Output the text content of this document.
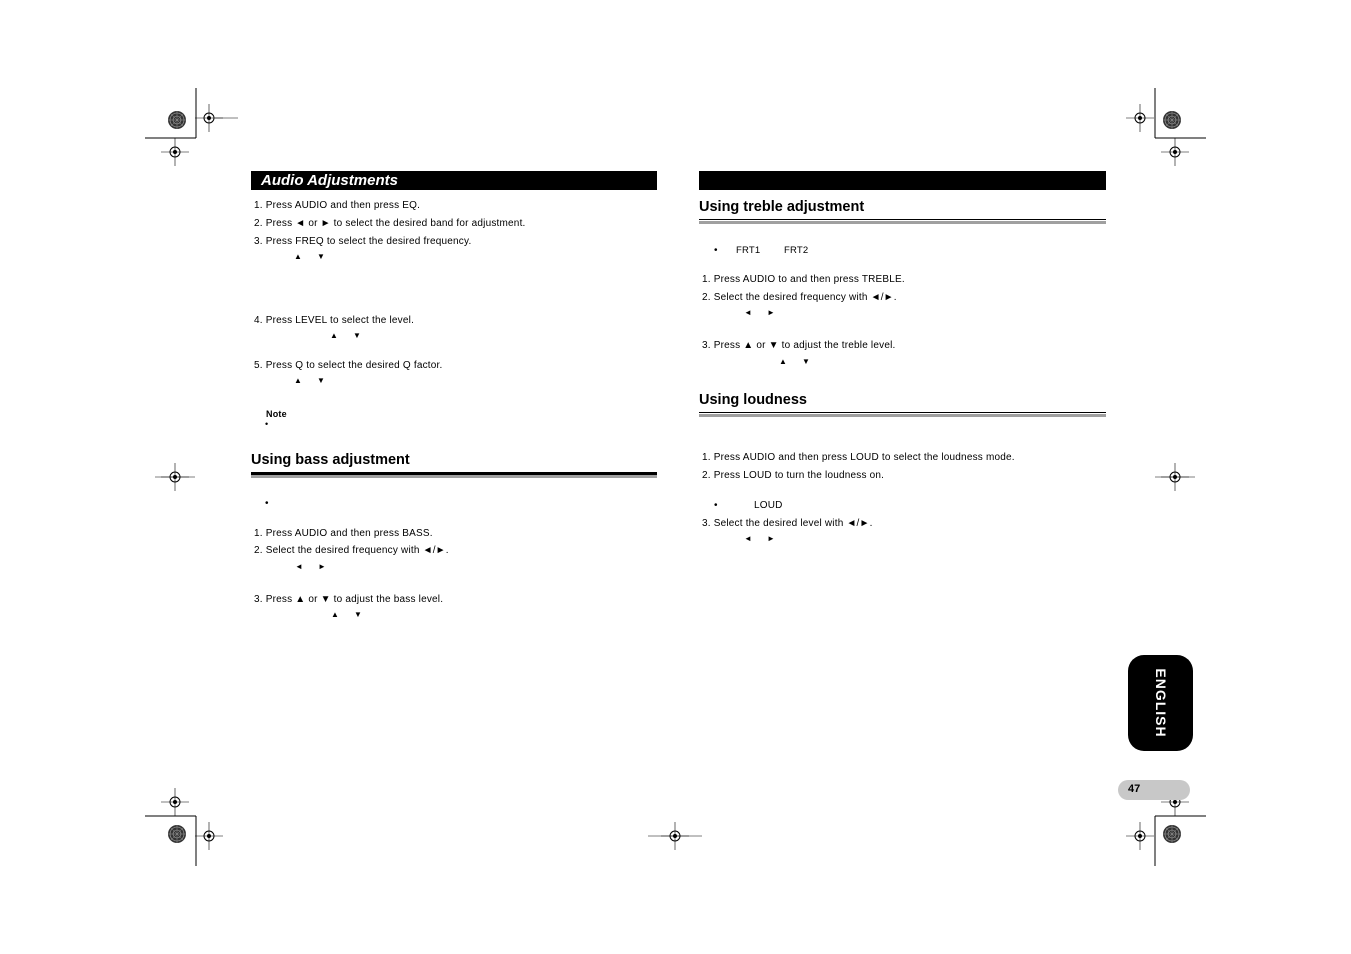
Audio Adjustments
1. Press AUDIO and then press EQ.
2. Press ◄ or ► to select the desired band for adjustment.
3. Press FREQ to select the desired frequency.
▲ ▼
4. Press LEVEL to select the level.
▲ ▼
5. Press Q to select the desired Q factor.
▲ ▼
Note
•
Using bass adjustment
•
1. Press AUDIO and then press BASS.
2. Select the desired frequency with ◄/►.
◄ ►
3. Press ▲ or ▼ to adjust the bass level.
▲ ▼
Using treble adjustment
• FRT1 FRT2
1. Press AUDIO to and then press TREBLE.
2. Select the desired frequency with ◄/►.
◄ ►
3. Press ▲ or ▼ to adjust the treble level.
▲ ▼
Using loudness
1. Press AUDIO and then press LOUD to select the loudness mode.
2. Press LOUD to turn the loudness on.
•	LOUD
3. Select the desired level with ◄/►.
◄ ►
ENGLISH
47
